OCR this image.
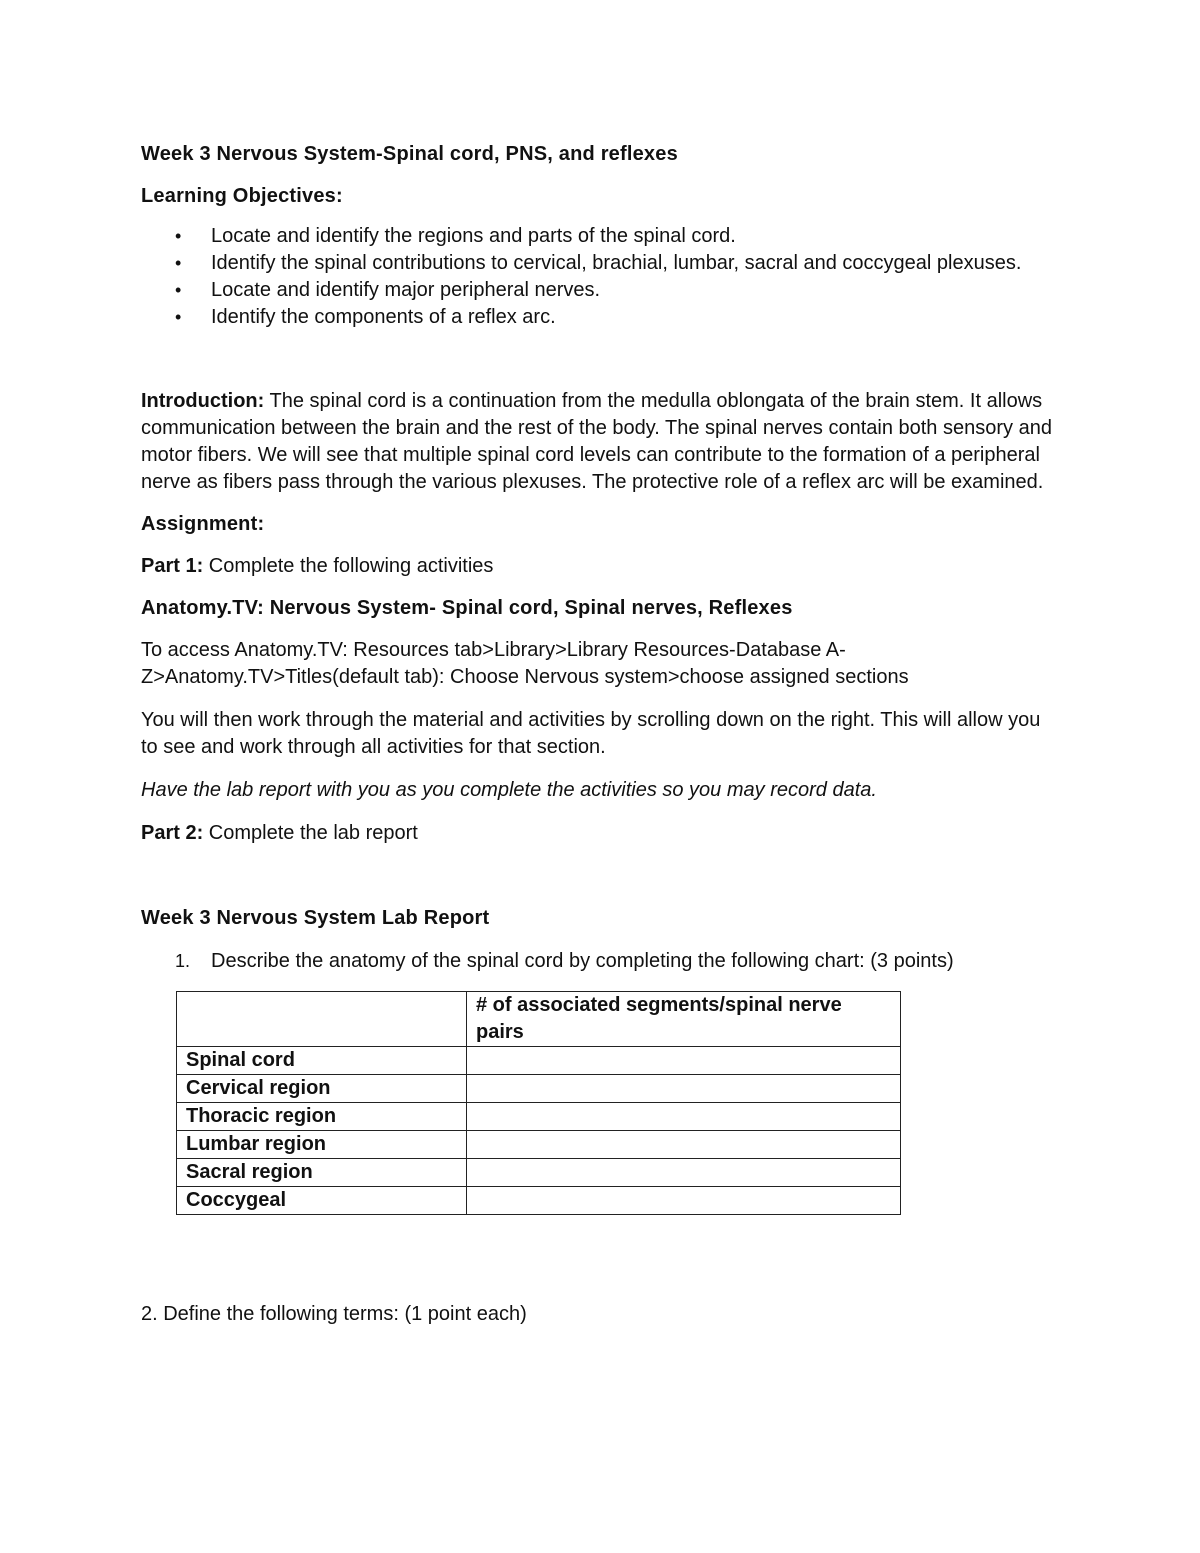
Week 3 Nervous System-Spinal cord, PNS, and reflexes

Learning Objectives:

• Locate and identify the regions and parts of the spinal cord.
• Identify the spinal contributions to cervical, brachial, lumbar, sacral and coccygeal plexuses.
• Locate and identify major peripheral nerves.
• Identify the components of a reflex arc.

Introduction: The spinal cord is a continuation from the medulla oblongata of the brain stem. It allows communication between the brain and the rest of the body. The spinal nerves contain both sensory and motor fibers. We will see that multiple spinal cord levels can contribute to the formation of a peripheral nerve as fibers pass through the various plexuses. The protective role of a reflex arc will be examined.

Assignment:

Part 1: Complete the following activities

Anatomy.TV: Nervous System- Spinal cord, Spinal nerves, Reflexes

To access Anatomy.TV: Resources tab>Library>Library Resources-Database A-
Z>Anatomy.TV>Titles(default tab): Choose Nervous system>choose assigned sections

You will then work through the material and activities by scrolling down on the right. This will allow you to see and work through all activities for that section.

Have the lab report with you as you complete the activities so you may record data.

Part 2: Complete the lab report

Week 3 Nervous System Lab Report

1. Describe the anatomy of the spinal cord by completing the following chart: (3 points)

	# of associated segments/spinal nerve pairs
Spinal cord	
Cervical region	
Thoracic region	
Lumbar region	
Sacral region	
Coccygeal	

2. Define the following terms: (1 point each)
